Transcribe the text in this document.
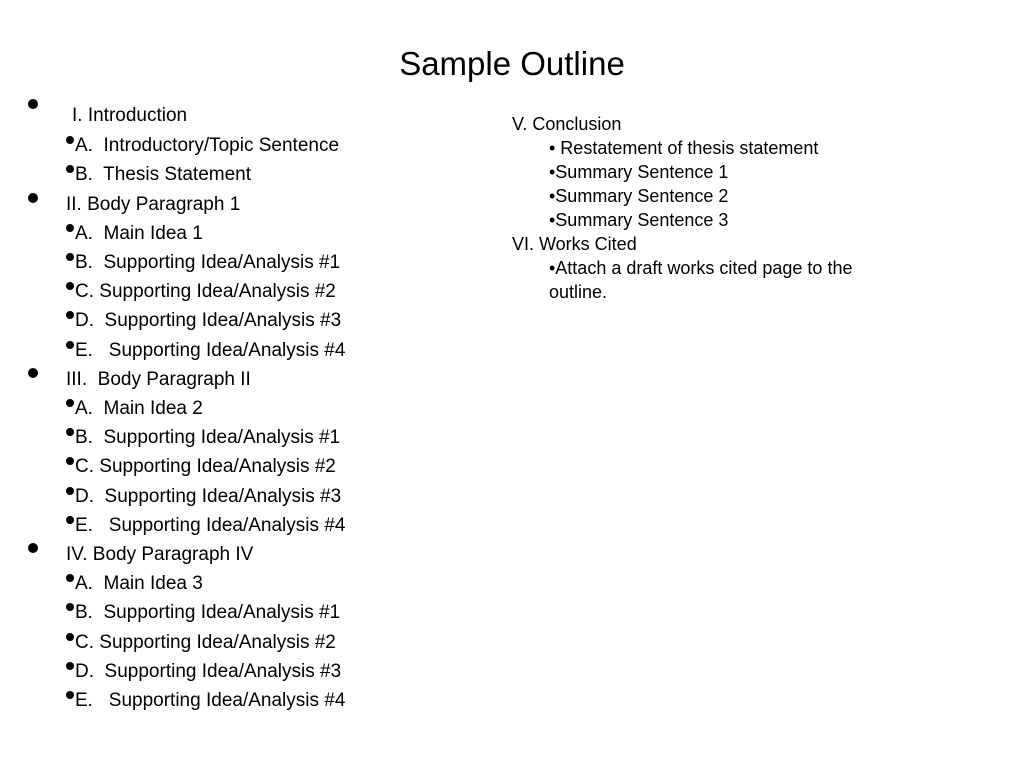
Sample Outline
I. Introduction
A.  Introductory/Topic Sentence
B.  Thesis Statement
II. Body Paragraph 1
A.  Main Idea 1
B.  Supporting Idea/Analysis #1
C. Supporting Idea/Analysis #2
D.  Supporting Idea/Analysis #3
E.   Supporting Idea/Analysis #4
III.  Body Paragraph II
A.  Main Idea 2
B.  Supporting Idea/Analysis #1
C. Supporting Idea/Analysis #2
D.  Supporting Idea/Analysis #3
E.   Supporting Idea/Analysis #4
IV. Body Paragraph IV
A.  Main Idea 3
B.  Supporting Idea/Analysis #1
C. Supporting Idea/Analysis #2
D.  Supporting Idea/Analysis #3
E.   Supporting Idea/Analysis #4
V. Conclusion
• Restatement of thesis statement
•Summary Sentence 1
•Summary Sentence 2
•Summary Sentence 3
VI. Works Cited
•Attach a draft works cited page to the
outline.
